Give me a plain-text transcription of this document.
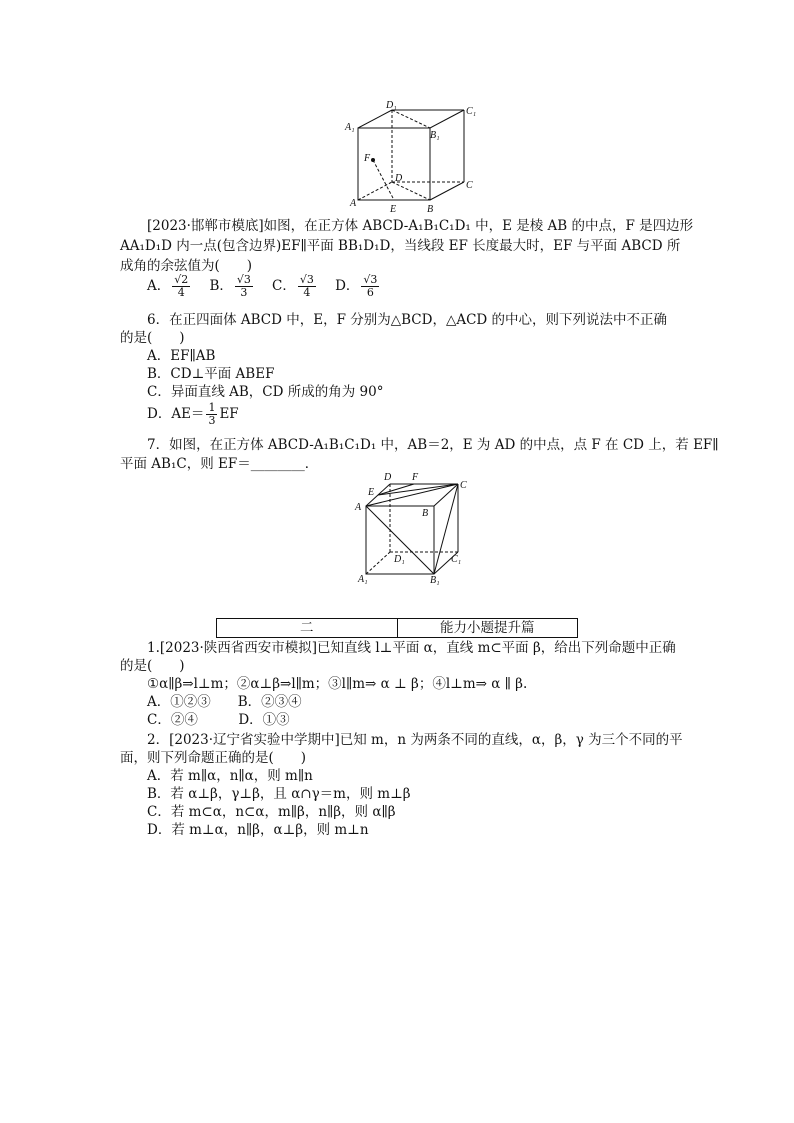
D₁
C₁
A₁
B₁
F
D
C
A
E	B
[2023·邯郸市模底]如图，在正方体 ABCD-A₁B₁C₁D₁ 中，E 是棱 AB 的中点，F 是四边形
AA₁D₁D 内一点(包含边界)EF∥平面 BB₁D₁D，当线段 EF 长度最大时，EF 与平面 ABCD 所
成角的余弦值为(　　)
A． $\frac{√2}{4}$ B． $\frac{√3}{3}$ C． $\frac{√3}{4}$ D． $\frac{√3}{6}$
6．在正四面体 ABCD 中，E，F 分别为△BCD，△ACD 的中心，则下列说法中不正确
的是(　　)
A．EF∥AB
B．CD⊥平面 ABEF
C．异面直线 AB，CD 所成的角为 90°
D．$AE= \frac{1}{3}$ EF
7．如图，在正方体 ABCD-A₁B₁C₁D₁ 中，AB＝2，E 为 AD 的中点，点 F 在 CD 上，若 EF∥
平面 AB₁C，则 EF＝________．
D F
C
E
A
B
D₁	C₁
A₁	B₁
二	能力小题提升篇
1.[2023·陕西省西安市模拟]已知直线 l⊥平面 α，直线 m⊂平面 β，给出下列命题中正确
的是(　　)
①α∥β⇒l⊥m；②α⊥β⇒l∥m；③l∥m⇒ α ⊥ β；④l⊥m⇒ α ∥ β.
A．①②③　　B．②③④
C．②④　　　D．①③
2．[2023·辽宁省实验中学期中]已知 m，n 为两条不同的直线，α，β，γ 为三个不同的平
面，则下列命题正确的是(　　)
A．若 m∥α，n∥α，则 m∥n
B．若 α⊥β，γ⊥β，且 α∩γ＝m，则 m⊥β
C．若 m⊂α，n⊂α，m∥β，n∥β，则 α∥β
D．若 m⊥α，n∥β，α⊥β，则 m⊥n
